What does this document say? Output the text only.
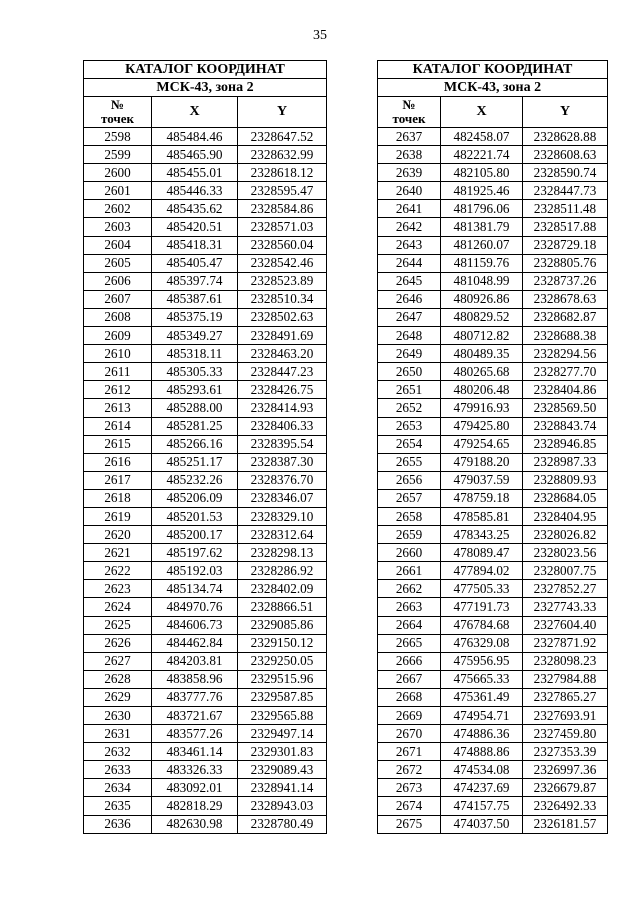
35
КАТАЛОГ КООРДИНАТ		
МСК-43, зона 2		
№
точек	X	Y
2598	485484.46	2328647.52
2599	485465.90	2328632.99
2600	485455.01	2328618.12
2601	485446.33	2328595.47
2602	485435.62	2328584.86
2603	485420.51	2328571.03
2604	485418.31	2328560.04
2605	485405.47	2328542.46
2606	485397.74	2328523.89
2607	485387.61	2328510.34
2608	485375.19	2328502.63
2609	485349.27	2328491.69
2610	485318.11	2328463.20
2611	485305.33	2328447.23
2612	485293.61	2328426.75
2613	485288.00	2328414.93
2614	485281.25	2328406.33
2615	485266.16	2328395.54
2616	485251.17	2328387.30
2617	485232.26	2328376.70
2618	485206.09	2328346.07
2619	485201.53	2328329.10
2620	485200.17	2328312.64
2621	485197.62	2328298.13
2622	485192.03	2328286.92
2623	485134.74	2328402.09
2624	484970.76	2328866.51
2625	484606.73	2329085.86
2626	484462.84	2329150.12
2627	484203.81	2329250.05
2628	483858.96	2329515.96
2629	483777.76	2329587.85
2630	483721.67	2329565.88
2631	483577.26	2329497.14
2632	483461.14	2329301.83
2633	483326.33	2329089.43
2634	483092.01	2328941.14
2635	482818.29	2328943.03
2636	482630.98	2328780.49
КАТАЛОГ КООРДИНАТ		
МСК-43, зона 2		
№
точек	X	Y
2637	482458.07	2328628.88
2638	482221.74	2328608.63
2639	482105.80	2328590.74
2640	481925.46	2328447.73
2641	481796.06	2328511.48
2642	481381.79	2328517.88
2643	481260.07	2328729.18
2644	481159.76	2328805.76
2645	481048.99	2328737.26
2646	480926.86	2328678.63
2647	480829.52	2328682.87
2648	480712.82	2328688.38
2649	480489.35	2328294.56
2650	480265.68	2328277.70
2651	480206.48	2328404.86
2652	479916.93	2328569.50
2653	479425.80	2328843.74
2654	479254.65	2328946.85
2655	479188.20	2328987.33
2656	479037.59	2328809.93
2657	478759.18	2328684.05
2658	478585.81	2328404.95
2659	478343.25	2328026.82
2660	478089.47	2328023.56
2661	477894.02	2328007.75
2662	477505.33	2327852.27
2663	477191.73	2327743.33
2664	476784.68	2327604.40
2665	476329.08	2327871.92
2666	475956.95	2328098.23
2667	475665.33	2327984.88
2668	475361.49	2327865.27
2669	474954.71	2327693.91
2670	474886.36	2327459.80
2671	474888.86	2327353.39
2672	474534.08	2326997.36
2673	474237.69	2326679.87
2674	474157.75	2326492.33
2675	474037.50	2326181.57
